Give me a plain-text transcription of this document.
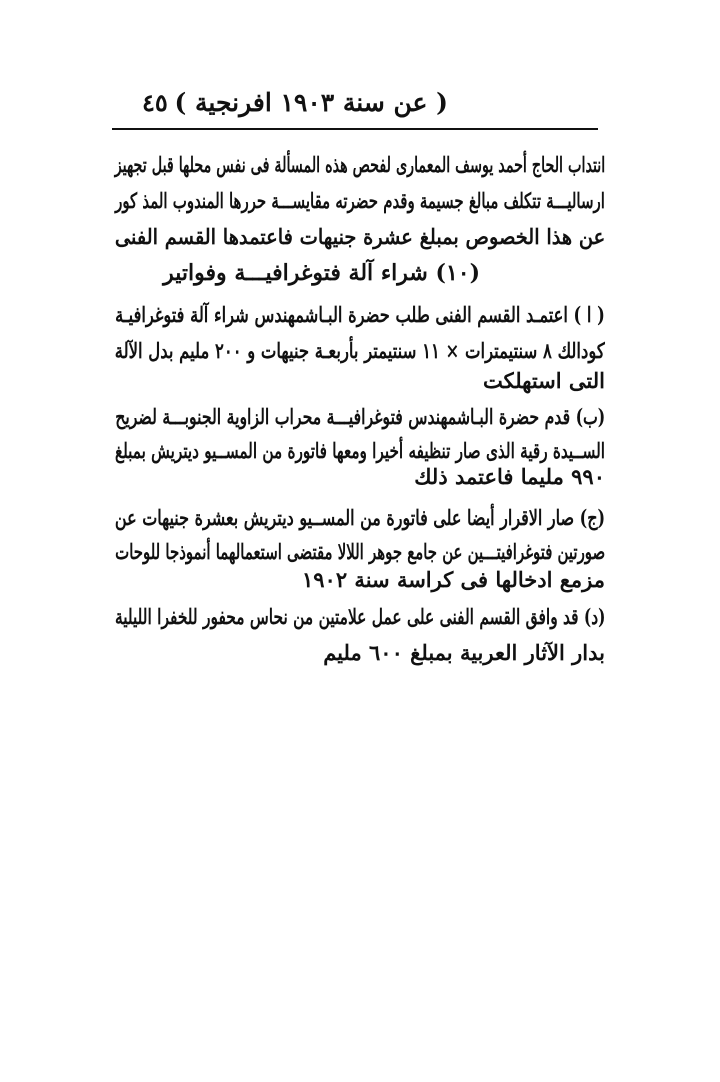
٤٥ ( عن سنة ١٩٠٣ افرنجية )
انتداب الحاج أحمد يوسف المعمارى لفحص هذه المسألة فى نفس محلها قبل تجهيز
ارساليـــة تتكلف مبالغ جسيمة وقدم حضرته مقايســـة حررها المندوب المذ كور
عن هذا الخصوص بمبلغ عشرة جنيهات فاعتمدها القسم الفنى
(١٠) شراء آلة فتوغرافيـــة وفواتير
( ا ) اعتمـد القسم الفنى طلب حضرة البـاشمهندس شراء آلة فتوغرافيـة
كودالك ٨ سنتيمترات × ١١ سنتيمتر بأربعـة جنيهات و ٢٠٠ مليم بدل الآلة
التى استهلكت
(ب) قدم حضرة البـاشمهندس فتوغرافيـــة محراب الزاوية الجنوبـــة لضريح
الســيدة رقية الذى صار تنظيفه أخيرا ومعها فاتورة من المســيو ديتريش بمبلغ
٩٩٠ مليما فاعتمد ذلك
(ج) صار الاقرار أيضا على فاتورة من المســيو ديتريش بعشرة جنيهات عن
صورتين فتوغرافيتـــين عن جامع جوهر اللالا مقتضى استعمالهما أنموذجا للوحات
مزمع ادخالها فى كراسة سنة ١٩٠٢
(د) قد وافق القسم الفنى على عمل علامتين من نحاس محفور للخفرا الليلية
بدار الآثار العربية بمبلغ ٦٠٠ مليم
